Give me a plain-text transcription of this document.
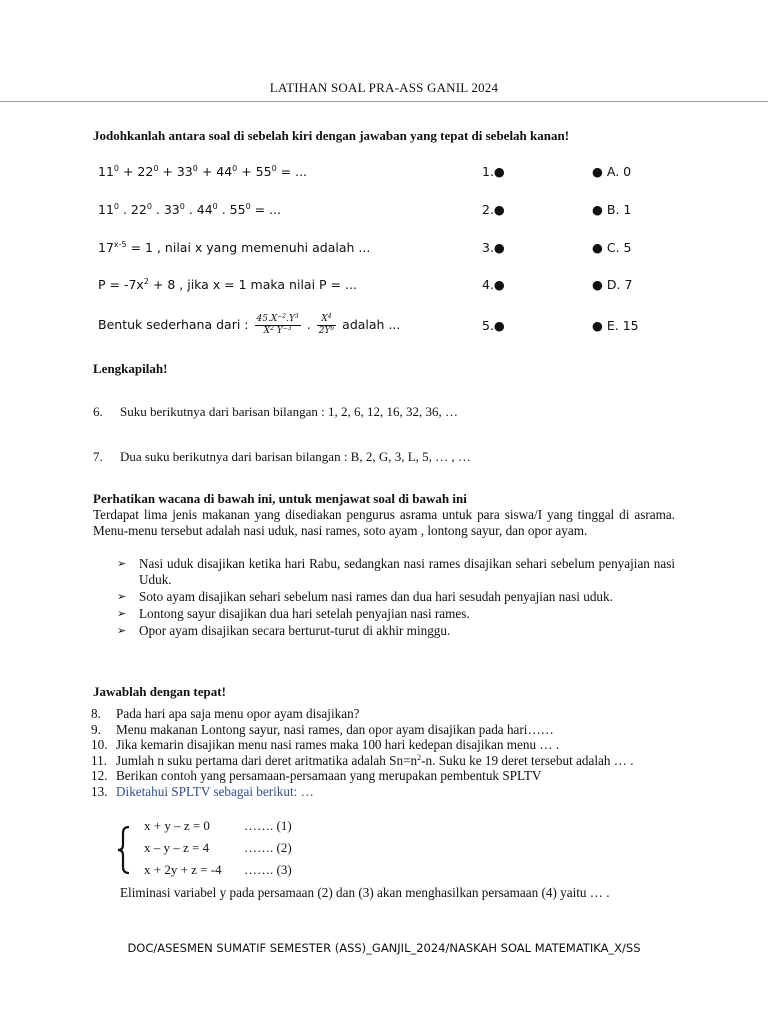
LATIHAN SOAL PRA-ASS GANIL 2024
Jodohkanlah antara soal di sebelah kiri dengan jawaban yang tepat di sebelah kanan!
$11^0 + 22^0 + 33^0 + 44^0 + 55^0$ = ...	1.●	● A. 0
$11^0$ . $22^0$ . $33^0$ . $44^0$ . $55^0$ = ...	2.●	● B. 1
$17^{x-5} = 1$ , nilai x yang memenuhi adalah ...	3.●	● C. 5
$P = -7x^2 + 8$ , jika x = 1 maka nilai P = ...	4.●	● D. 7
Bentuk sederhana dari : $\frac{45.X^{-2}.Y^3}{X^2 Y^{-3}}$ . $\frac{X^4}{2Y^6}$ adalah ...	5.●	● E. 15
Lengkapilah!
6. Suku berikutnya dari barisan bilangan : 1, 2, 6, 12, 16, 32, 36, …
7. Dua suku berikutnya dari barisan bilangan : B, 2, G, 3, L, 5, … , …
Perhatikan wacana di bawah ini, untuk menjawat soal di bawah ini
Terdapat lima jenis makanan yang disediakan pengurus asrama untuk para siswa/I yang tinggal di asrama. Menu-menu tersebut adalah nasi uduk, nasi rames, soto ayam , lontong sayur, dan opor ayam.
➢ Nasi uduk disajikan ketika hari Rabu, sedangkan nasi rames disajikan sehari sebelum penyajian nasi Uduk.
➢ Soto ayam disajikan sehari sebelum nasi rames dan dua hari sesudah penyajian nasi uduk.
➢ Lontong sayur disajikan dua hari setelah penyajian nasi rames.
➢ Opor ayam disajikan secara berturut-turut di akhir minggu.
Jawablah dengan tepat!
8. Pada hari apa saja menu opor ayam disajikan?
9. Menu makanan Lontong sayur, nasi rames, dan opor ayam disajikan pada hari……
10. Jika kemarin disajikan menu nasi rames maka 100 hari kedepan disajikan menu … .
11. Jumlah n suku pertama dari deret aritmatika adalah $Sn=n^2-n$. Suku ke 19 deret tersebut adalah … .
12. Berikan contoh yang persamaan-persamaan yang merupakan pembentuk SPLTV
13. Diketahui SPLTV sebagai berikut: …
x + y – z = 0	……. (1)
x – y – z = 4	……. (2)
x + 2y + z = -4 ……. (3)
Eliminasi variabel y pada persamaan (2) dan (3) akan menghasilkan persamaan (4) yaitu … .
DOC/ASESMEN SUMATIF SEMESTER (ASS)_GANJIL_2024/NASKAH SOAL MATEMATIKA_X/SS
